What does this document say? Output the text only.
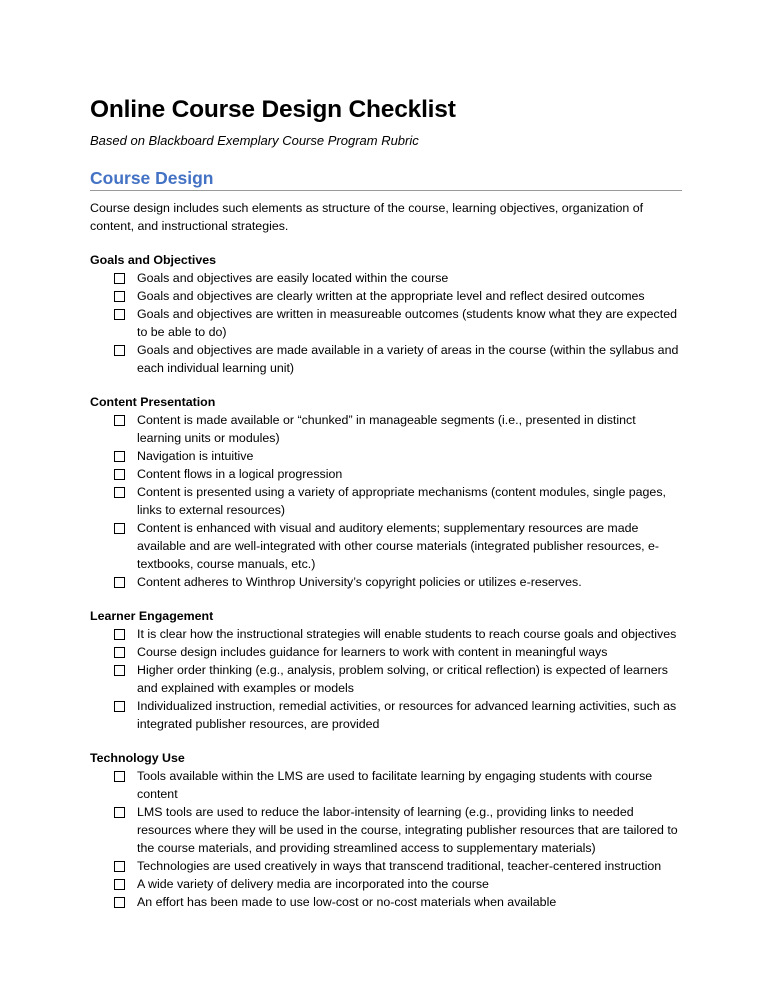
Online Course Design Checklist

Based on Blackboard Exemplary Course Program Rubric

Course Design

Course design includes such elements as structure of the course, learning objectives, organization of content, and instructional strategies.

Goals and Objectives
Goals and objectives are easily located within the course
Goals and objectives are clearly written at the appropriate level and reflect desired outcomes
Goals and objectives are written in measureable outcomes (students know what they are expected to be able to do)
Goals and objectives are made available in a variety of areas in the course (within the syllabus and each individual learning unit)
Content Presentation
Content is made available or “chunked” in manageable segments (i.e., presented in distinct learning units or modules)
Navigation is intuitive
Content flows in a logical progression
Content is presented using a variety of appropriate mechanisms (content modules, single pages, links to external resources)
Content is enhanced with visual and auditory elements; supplementary resources are made available and are well-integrated with other course materials (integrated publisher resources, e-textbooks, course manuals, etc.)
Content adheres to Winthrop University’s copyright policies or utilizes e-reserves.
Learner Engagement
It is clear how the instructional strategies will enable students to reach course goals and objectives
Course design includes guidance for learners to work with content in meaningful ways
Higher order thinking (e.g., analysis, problem solving, or critical reflection) is expected of learners and explained with examples or models
Individualized instruction, remedial activities, or resources for advanced learning activities, such as integrated publisher resources, are provided
Technology Use
Tools available within the LMS are used to facilitate learning by engaging students with course content
LMS tools are used to reduce the labor-intensity of learning (e.g., providing links to needed resources where they will be used in the course, integrating publisher resources that are tailored to the course materials, and providing streamlined access to supplementary materials)
Technologies are used creatively in ways that transcend traditional, teacher-centered instruction
A wide variety of delivery media are incorporated into the course
An effort has been made to use low-cost or no-cost materials when available
